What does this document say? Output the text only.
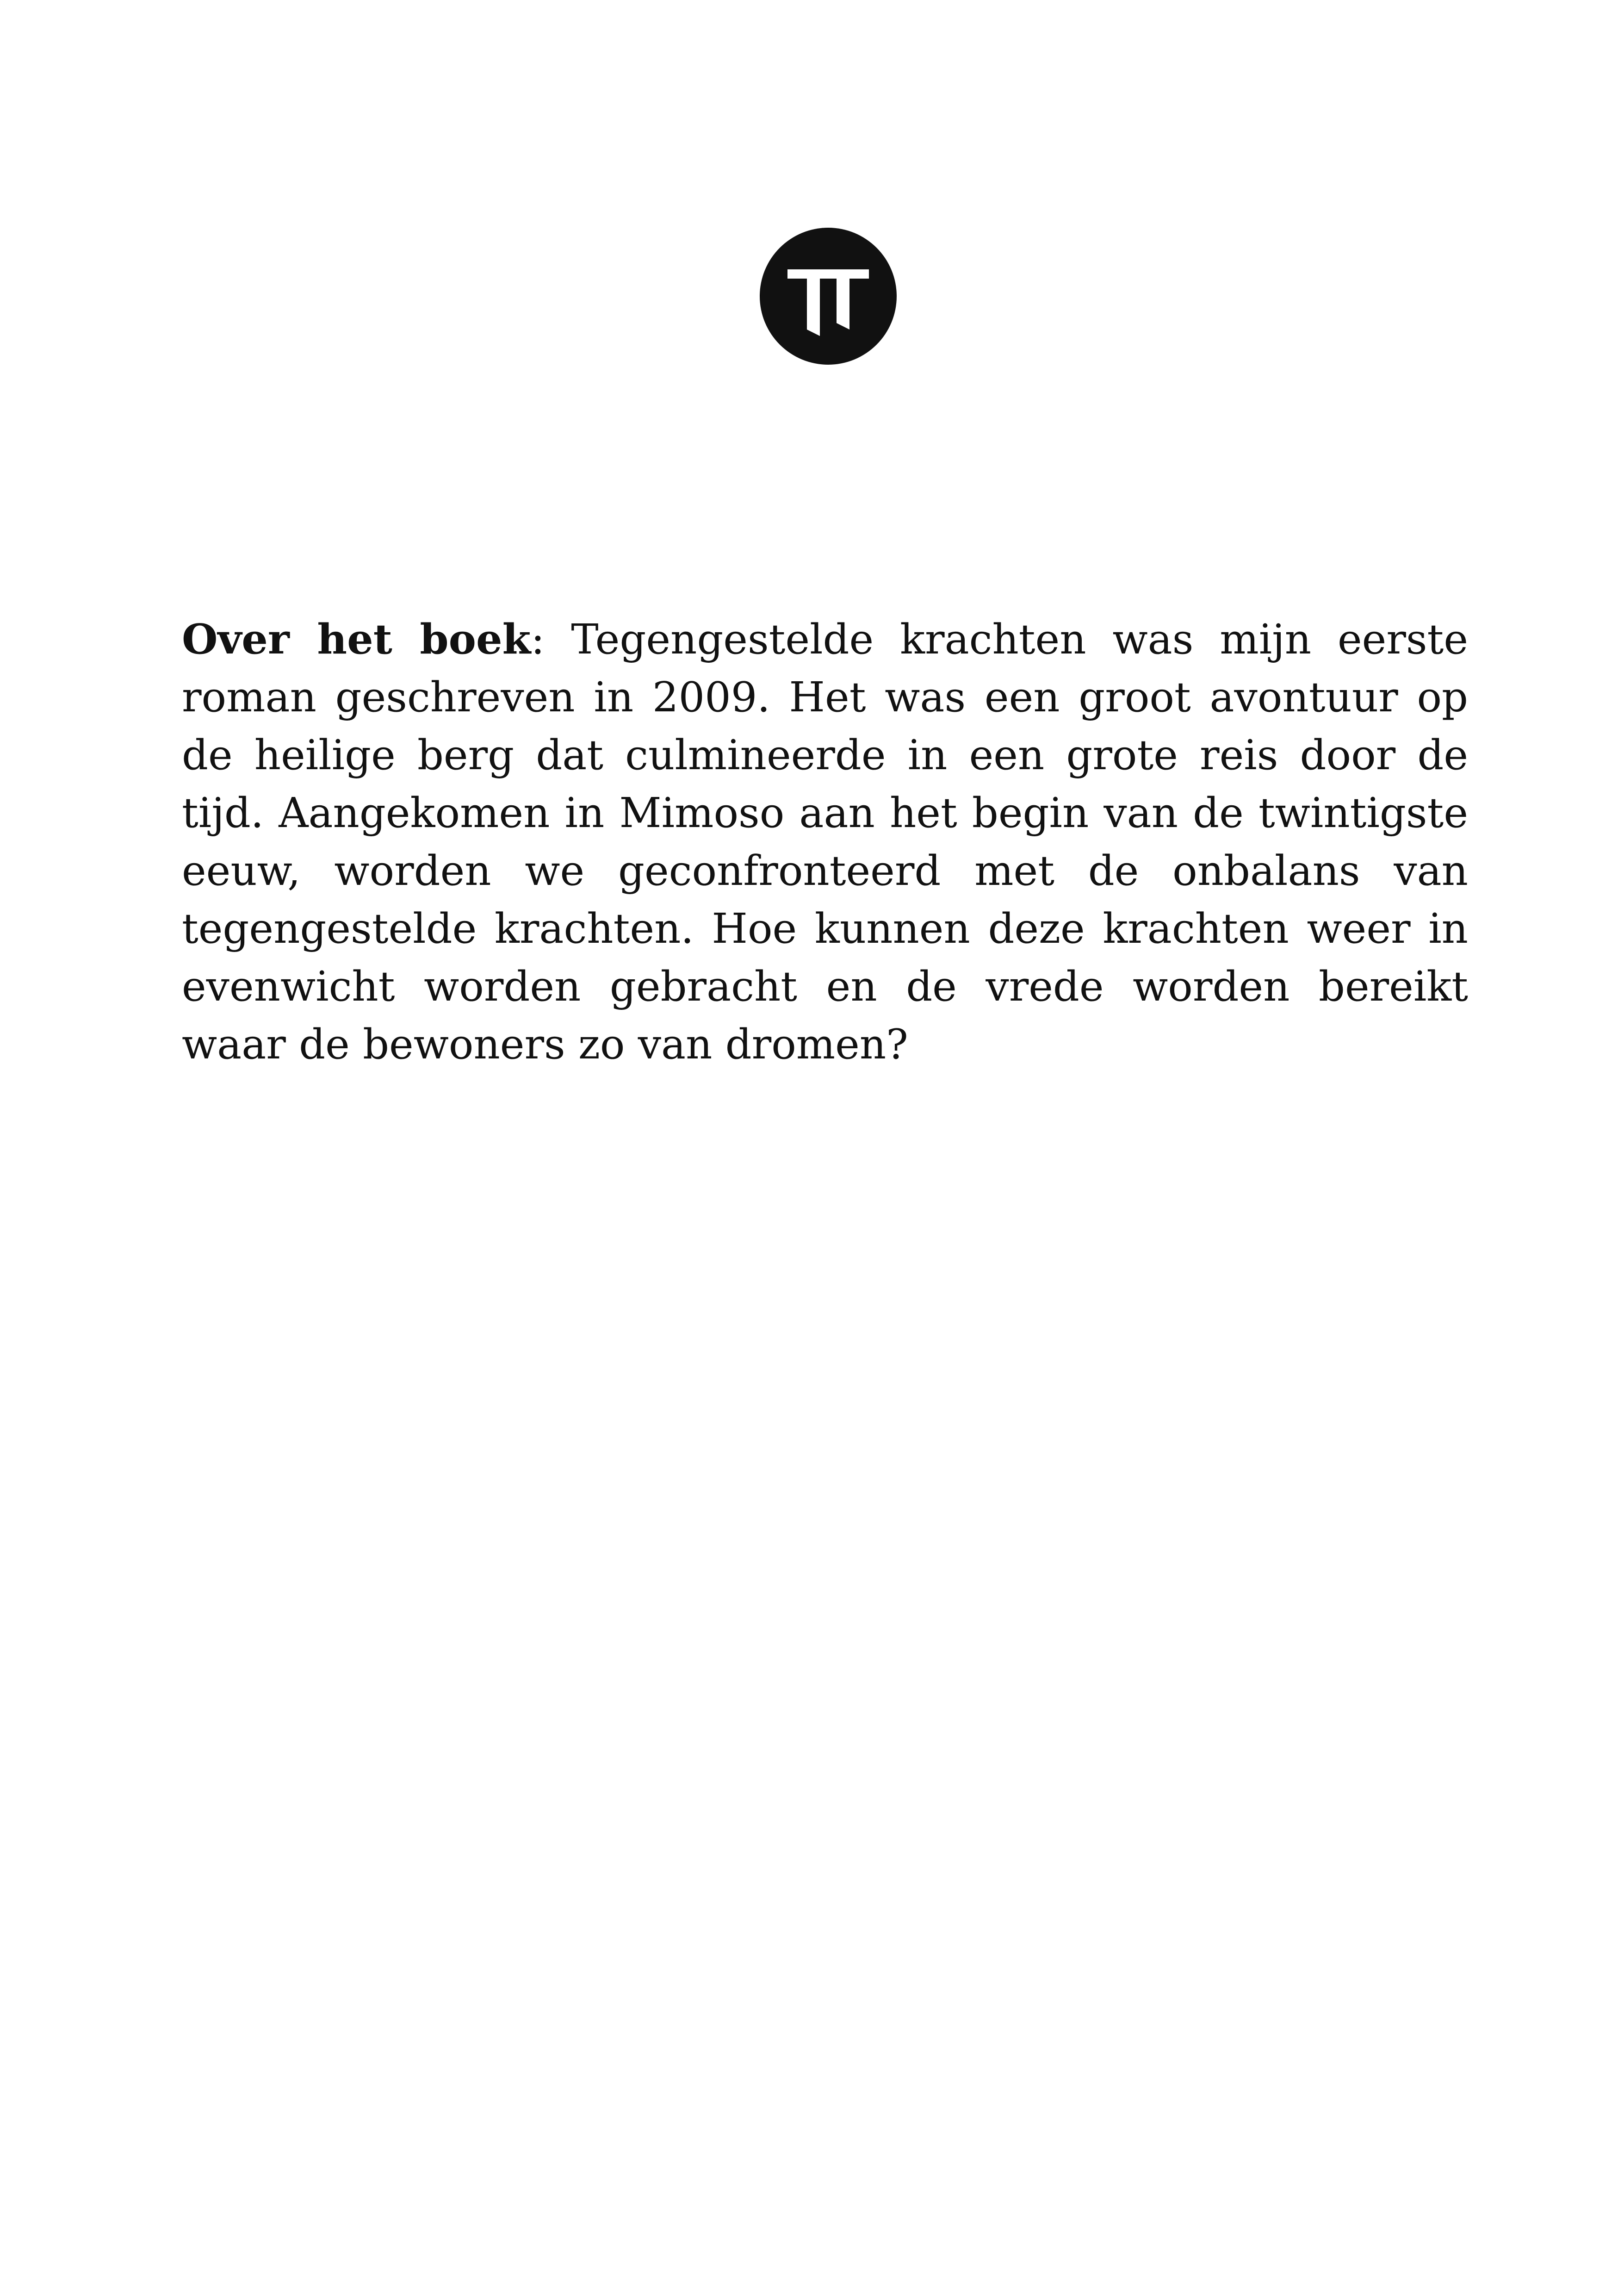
Over het boek: Tegengestelde krachten was mijn eerste roman geschreven in 2009. Het was een groot avontuur op de heilige berg dat culmineerde in een grote reis door de tijd. Aangekomen in Mimoso aan het begin van de twintigste eeuw, worden we geconfronteerd met de onbalans van tegengestelde krachten. Hoe kunnen deze krachten weer in evenwicht worden gebracht en de vrede worden bereikt waar de bewoners zo van dromen?
